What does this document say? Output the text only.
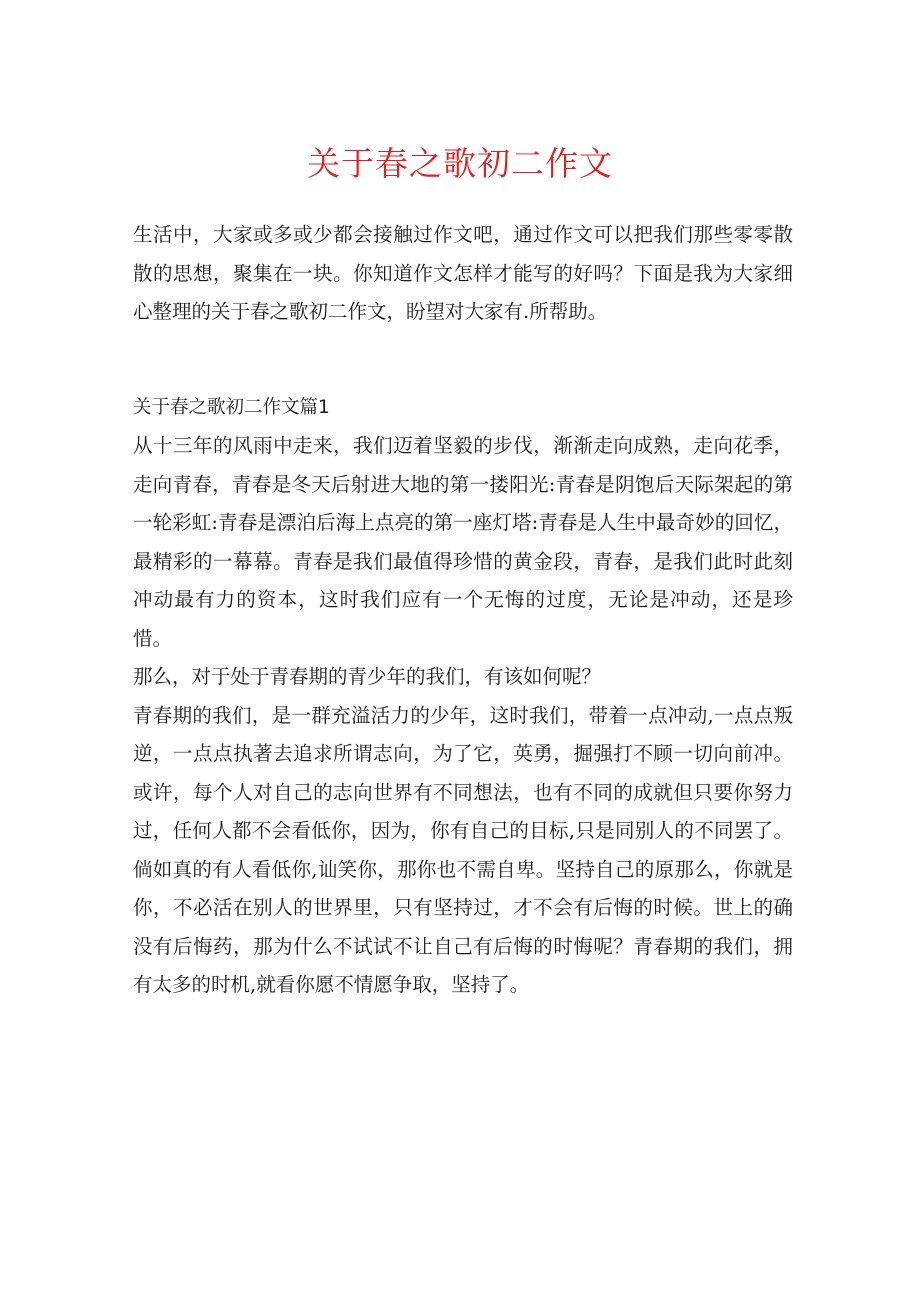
关于春之歌初二作文

生活中，大家或多或少都会接触过作文吧，通过作文可以把我们那些零零散散的思想，聚集在一块。你知道作文怎样才能写的好吗？下面是我为大家细心整理的关于春之歌初二作文，盼望对大家有.所帮助。

关于春之歌初二作文篇1

从十三年的风雨中走来，我们迈着坚毅的步伐，渐渐走向成熟，走向花季，走向青春，青春是冬天后射进大地的第一搂阳光:青春是阴饱后天际架起的第一轮彩虹:青春是漂泊后海上点亮的第一座灯塔:青春是人生中最奇妙的回忆，最精彩的一幕幕。青春是我们最值得珍惜的黄金段，青春，是我们此时此刻冲动最有力的资本，这时我们应有一个无悔的过度，无论是冲动，还是珍惜。

那么，对于处于青春期的青少年的我们，有该如何呢？

青春期的我们，是一群充溢活力的少年，这时我们，带着一点冲动,一点点叛逆，一点点执著去追求所谓志向，为了它，英勇，掘强打不顾一切向前冲。或许，每个人对自己的志向世界有不同想法，也有不同的成就但只要你努力过，任何人都不会看低你，因为，你有自己的目标,只是同别人的不同罢了。倘如真的有人看低你,讪笑你，那你也不需自卑。坚持自己的原那么，你就是你，不必活在别人的世界里，只有坚持过，才不会有后悔的时候。世上的确没有后悔药，那为什么不试试不让自己有后悔的时悔呢？青春期的我们，拥有太多的时机,就看你愿不情愿争取，坚持了。
